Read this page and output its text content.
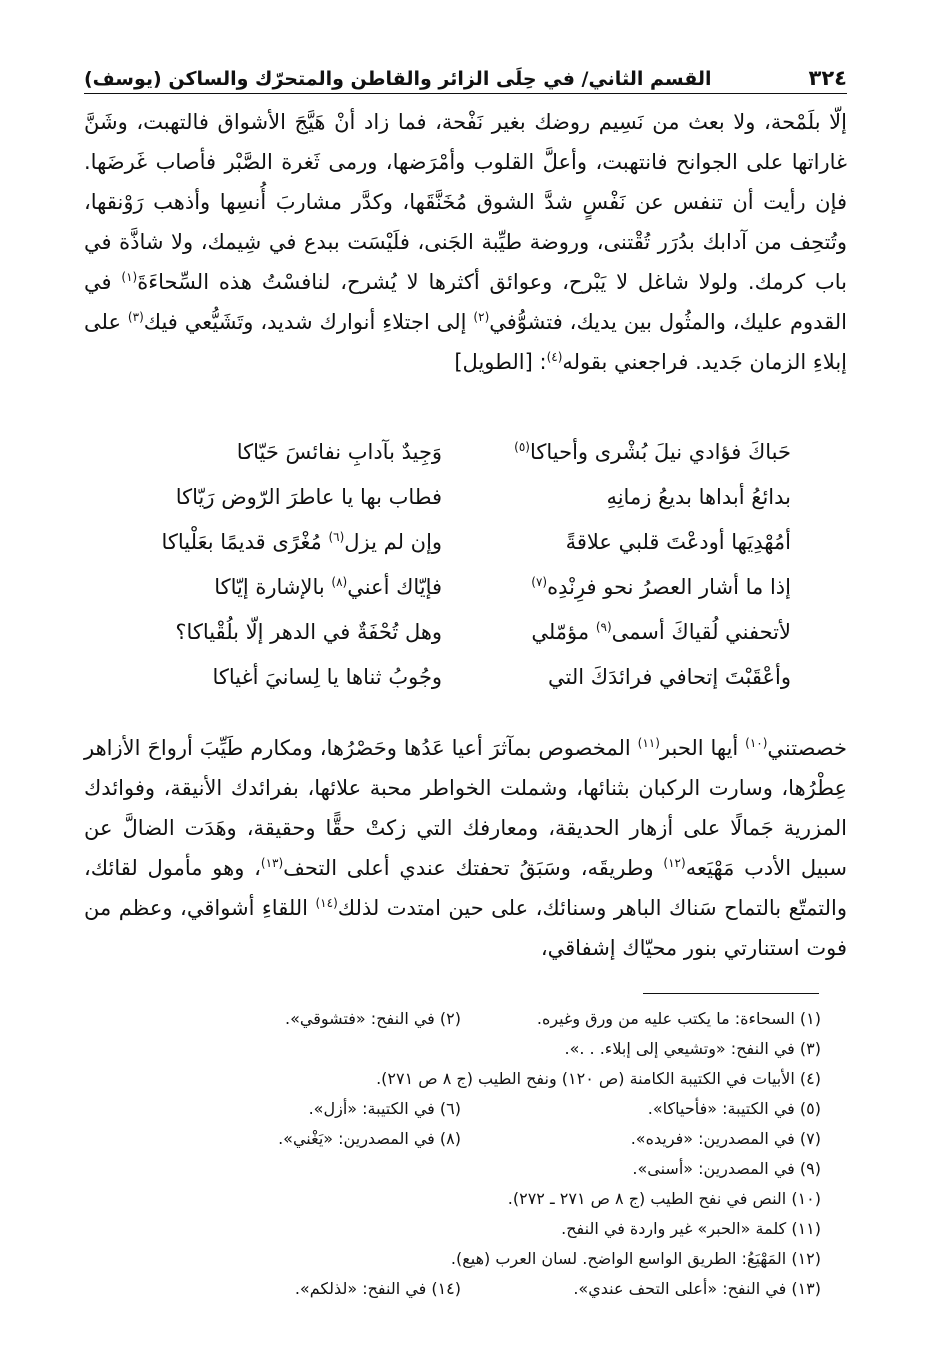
٣٢٤
القسم الثاني/ في حِلَى الزائر والقاطن والمتحرّك والساكن (يوسف)

إلّا بلَمْحة، ولا بعث من نَسِيم روضك بغير نَفْحة، فما زاد أنْ هَيَّجَ الأشواق فالتهبت، وشَنَّ غاراتها على الجوانح فانتهبت، وأعلَّ القلوب وأمْرَضها، ورمى ثَغرة الصَّبْر فأصاب غَرضَها. فإن رأيت أن تنفس عن نَفْسٍ شدَّ الشوق مُخَنَّقَها، وكدَّر مشاربَ أُنسِها وأذهب رَوْنقها، وتُتحِف من آدابك بدُرَر تُقْتنى، وروضة طيِّبة الجَنى، فلَيْسَت ببدع في شِيمك، ولا شاذَّة في باب كرمك. ولولا شاغل لا يَبْرح، وعوائق أكثرها لا يُشرح، لنافسْتُ هذه السِّحاءَةَ$^{(١)}$ في القدوم عليك، والمثُول بين يديك، فتشوُّفي$^{(٢)}$ إلى اجتلاءِ أنوارك شديد، وتَشَيُّعي فيك$^{(٣)}$ على إبلاءِ الزمان جَديد. فراجعني بقوله$^{(٤)}$: [الطويل]

حَباكَ فؤادي نيلَ بُشْرى وأحياكا$^{(٥)}$
وَجِيدٌ بآدابِ نفائسَ حَيّاكا
بدائعُ أبداها بديعُ زمانِهِ
فطاب بها يا عاطرَ الرّوض رَيّاكا
أمُهْدِيَها أودعْتَ قلبي علاقةً
وإن لم يزل$^{(٦)}$ مُغْرًى قديمًا بعَلْياكا
إذا ما أشار العصرُ نحو فرِنْدِه$^{(٧)}$
فإيّاك أعني$^{(٨)}$ بالإشارة إيّاكا
لأتحفني لُقياكَ أسمى$^{(٩)}$ مؤمّلي
وهل تُحْفَةٌ في الدهر إلّا بلُقْياكا؟
وأعْقَبْتَ إتحافي فرائدَكَ التي
وجُوبُ ثناها يا لِسانيَ أغياكا

خصصتني$^{(١٠)}$ أيها الحبر$^{(١١)}$ المخصوص بمآثرَ أعيا عَدُها وحَصْرُها، ومكارم طَيِّبَ أرواحَ الأزاهر عِطْرُها، وسارت الركبان بثنائها، وشملت الخواطر محبة علائها، بفرائدك الأنيقة، وفوائدك المزرية جَمالًا على أزهار الحديقة، ومعارفك التي زكتْ حقًّا وحقيقة، وهَدَت الضالَّ عن سبيل الأدب مَهْيَعه$^{(١٢)}$ وطريقَه، وسَبَقُ تحفتك عندي أعلى التحف$^{(١٣)}$، وهو مأمول لقائك، والتمتّع بالتماح سَناك الباهر وسنائك، على حين امتدت لذلك$^{(١٤)}$ اللقاءِ أشواقي، وعظم من فوت استنارتي بنور محيّاك إشفاقي،

(١) السحاءة: ما يكتب عليه من ورق وغيره.
(٢) في النفح: «فتشوقي».
(٣) في النفح: «وتشيعي إلى إبلاء. . .».
(٤) الأبيات في الكتيبة الكامنة (ص ١٢٠) ونفح الطيب (ج ٨ ص ٢٧١).
(٥) في الكتيبة: «فأحياكا».
(٦) في الكتيبة: «أزل».
(٧) في المصدرين: «فريده».
(٨) في المصدرين: «يَغْني».
(٩) في المصدرين: «أسنى».
(١٠) النص في نفح الطيب (ج ٨ ص ٢٧١ ـ ٢٧٢).
(١١) كلمة «الحبر» غير واردة في النفح.
(١٢) المَهْيَعُ: الطريق الواسع الواضح. لسان العرب (هيع).
(١٣) في النفح: «أعلى التحف عندي».
(١٤) في النفح: «لذلكم».
